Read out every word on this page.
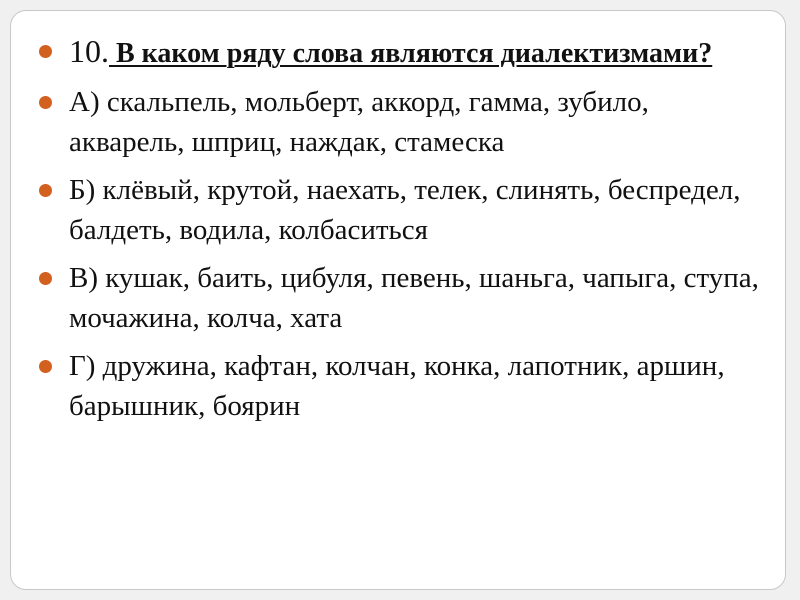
10. В каком ряду слова являются диалектизмами?
А) скальпель, мольберт, аккорд, гамма, зубило, акварель, шприц, наждак, стамеска
Б) клёвый, крутой, наехать, телек, слинять, беспредел, балдеть, водила, колбаситься
В) кушак, баить, цибуля, певень, шаньга, чапыга, ступа, мочажина, колча, хата
Г) дружина, кафтан, колчан, конка, лапотник, аршин, барышник, боярин
